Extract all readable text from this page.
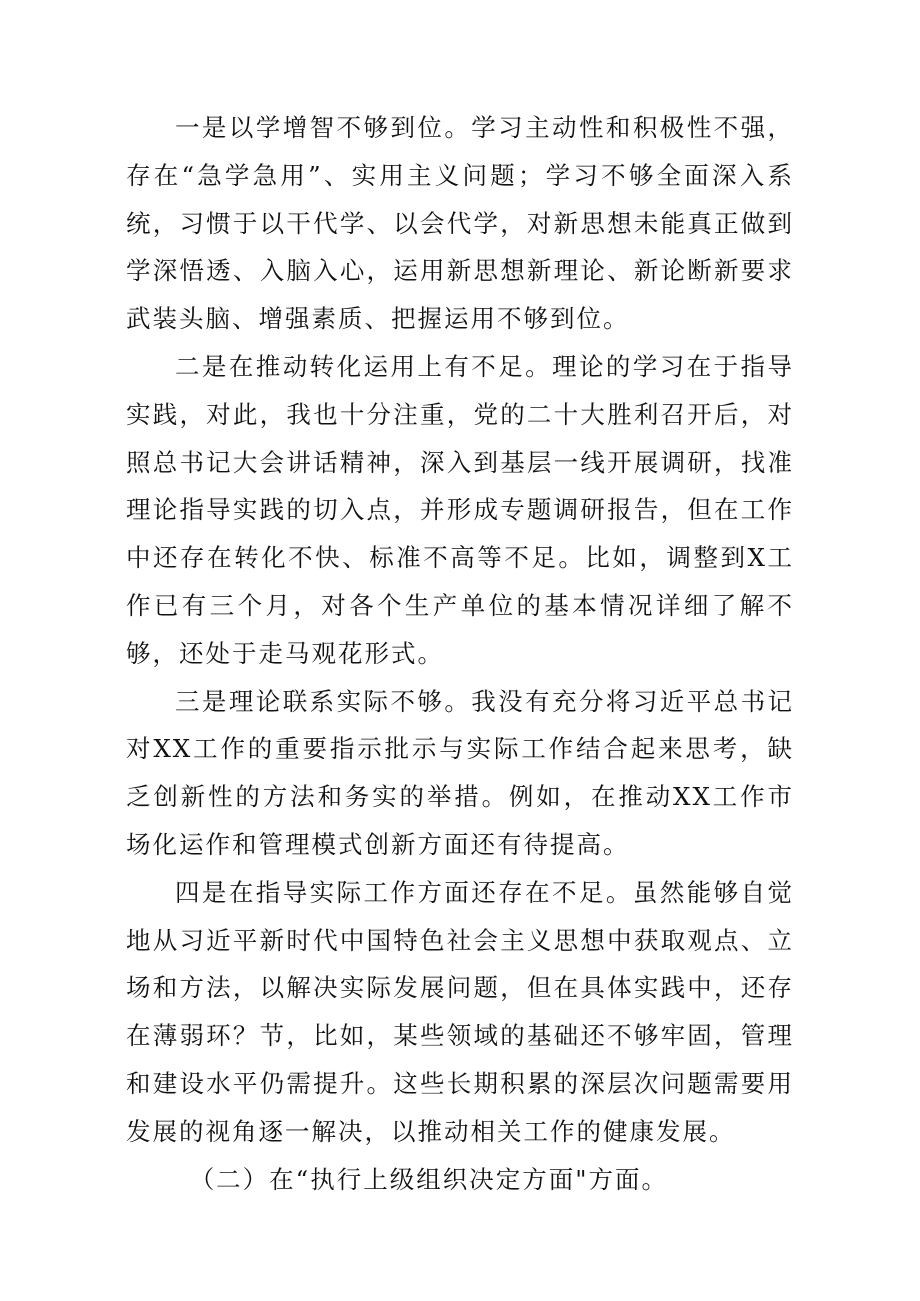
一是以学增智不够到位。学习主动性和积极性不强，存在“急学急用”、实用主义问题；学习不够全面深入系统，习惯于以干代学、以会代学，对新思想未能真正做到学深悟透、入脑入心，运用新思想新理论、新论断新要求武装头脑、增强素质、把握运用不够到位。

二是在推动转化运用上有不足。理论的学习在于指导实践，对此，我也十分注重，党的二十大胜利召开后，对照总书记大会讲话精神，深入到基层一线开展调研，找准理论指导实践的切入点，并形成专题调研报告，但在工作中还存在转化不快、标准不高等不足。比如，调整到X工作已有三个月，对各个生产单位的基本情况详细了解不够，还处于走马观花形式。

三是理论联系实际不够。我没有充分将习近平总书记对XX工作的重要指示批示与实际工作结合起来思考，缺乏创新性的方法和务实的举措。例如，在推动XX工作市场化运作和管理模式创新方面还有待提高。

四是在指导实际工作方面还存在不足。虽然能够自觉地从习近平新时代中国特色社会主义思想中获取观点、立场和方法，以解决实际发展问题，但在具体实践中，还存在薄弱环？节，比如，某些领域的基础还不够牢固，管理和建设水平仍需提升。这些长期积累的深层次问题需要用发展的视角逐一解决，以推动相关工作的健康发展。

（二）在“执行上级组织决定方面"方面。
